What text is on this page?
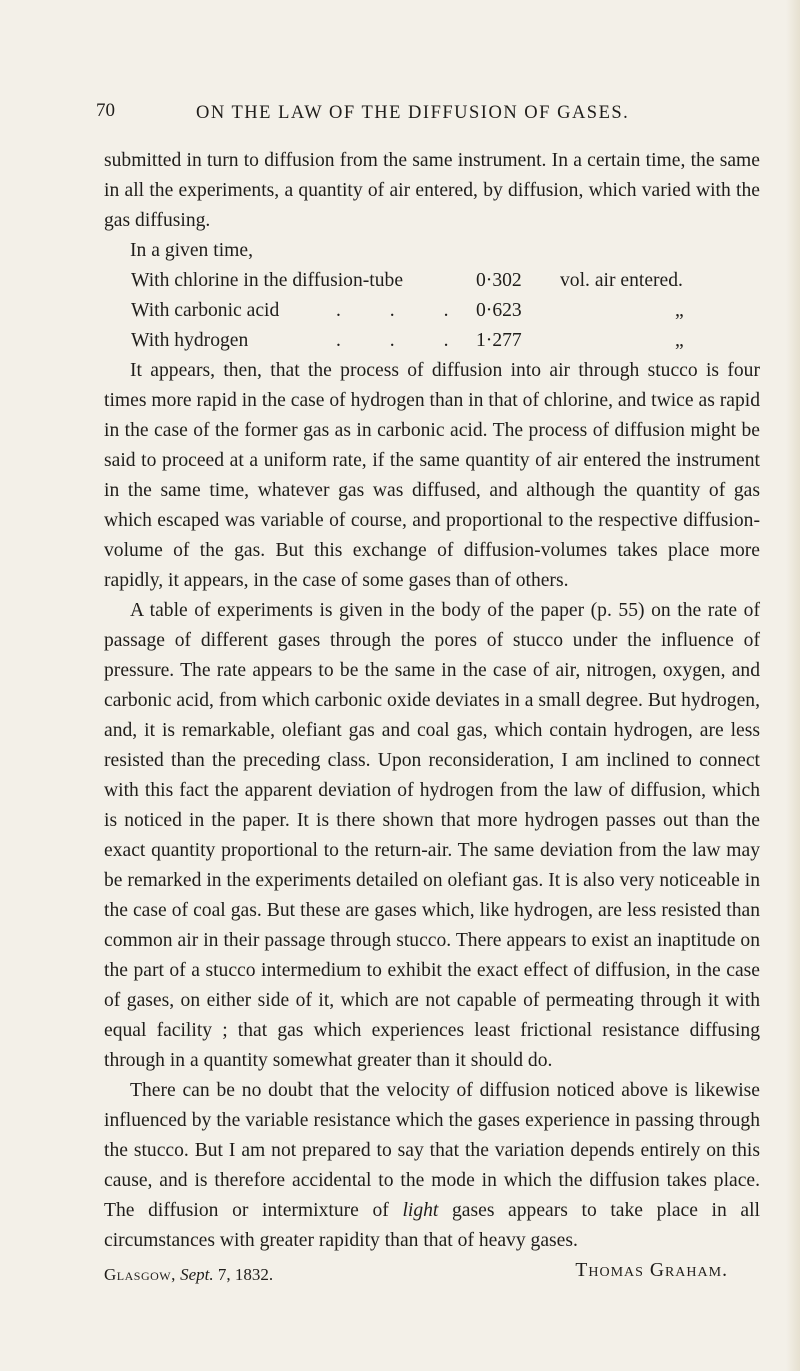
70	ON THE LAW OF THE DIFFUSION OF GASES.

submitted in turn to diffusion from the same instrument. In a certain time, the same in all the experiments, a quantity of air entered, by diffusion, which varied with the gas diffusing.

In a given time,

With chlorine in the diffusion-tube	0·302 vol. air entered.
With carbonic acid	. . . 0·623	„
With hydrogen	. . . 1·277	„

It appears, then, that the process of diffusion into air through stucco is four times more rapid in the case of hydrogen than in that of chlorine, and twice as rapid in the case of the former gas as in carbonic acid. The process of diffusion might be said to proceed at a uniform rate, if the same quantity of air entered the instrument in the same time, whatever gas was diffused, and although the quantity of gas which escaped was variable of course, and proportional to the respective diffusion-volume of the gas. But this exchange of diffusion-volumes takes place more rapidly, it appears, in the case of some gases than of others.

A table of experiments is given in the body of the paper (p. 55) on the rate of passage of different gases through the pores of stucco under the influence of pressure. The rate appears to be the same in the case of air, nitrogen, oxygen, and carbonic acid, from which carbonic oxide deviates in a small degree. But hydrogen, and, it is remarkable, olefiant gas and coal gas, which contain hydrogen, are less resisted than the preceding class. Upon reconsideration, I am inclined to connect with this fact the apparent deviation of hydrogen from the law of diffusion, which is noticed in the paper. It is there shown that more hydrogen passes out than the exact quantity proportional to the return-air. The same deviation from the law may be remarked in the experiments detailed on olefiant gas. It is also very noticeable in the case of coal gas. But these are gases which, like hydrogen, are less resisted than common air in their passage through stucco. There appears to exist an inaptitude on the part of a stucco intermedium to exhibit the exact effect of diffusion, in the case of gases, on either side of it, which are not capable of permeating through it with equal facility ; that gas which experiences least frictional resistance diffusing through in a quantity somewhat greater than it should do.

There can be no doubt that the velocity of diffusion noticed above is likewise influenced by the variable resistance which the gases experience in passing through the stucco. But I am not prepared to say that the variation depends entirely on this cause, and is therefore accidental to the mode in which the diffusion takes place. The diffusion or intermixture of light gases appears to take place in all circumstances with greater rapidity than that of heavy gases.

Thomas Graham.
Glasgow, Sept. 7, 1832.
